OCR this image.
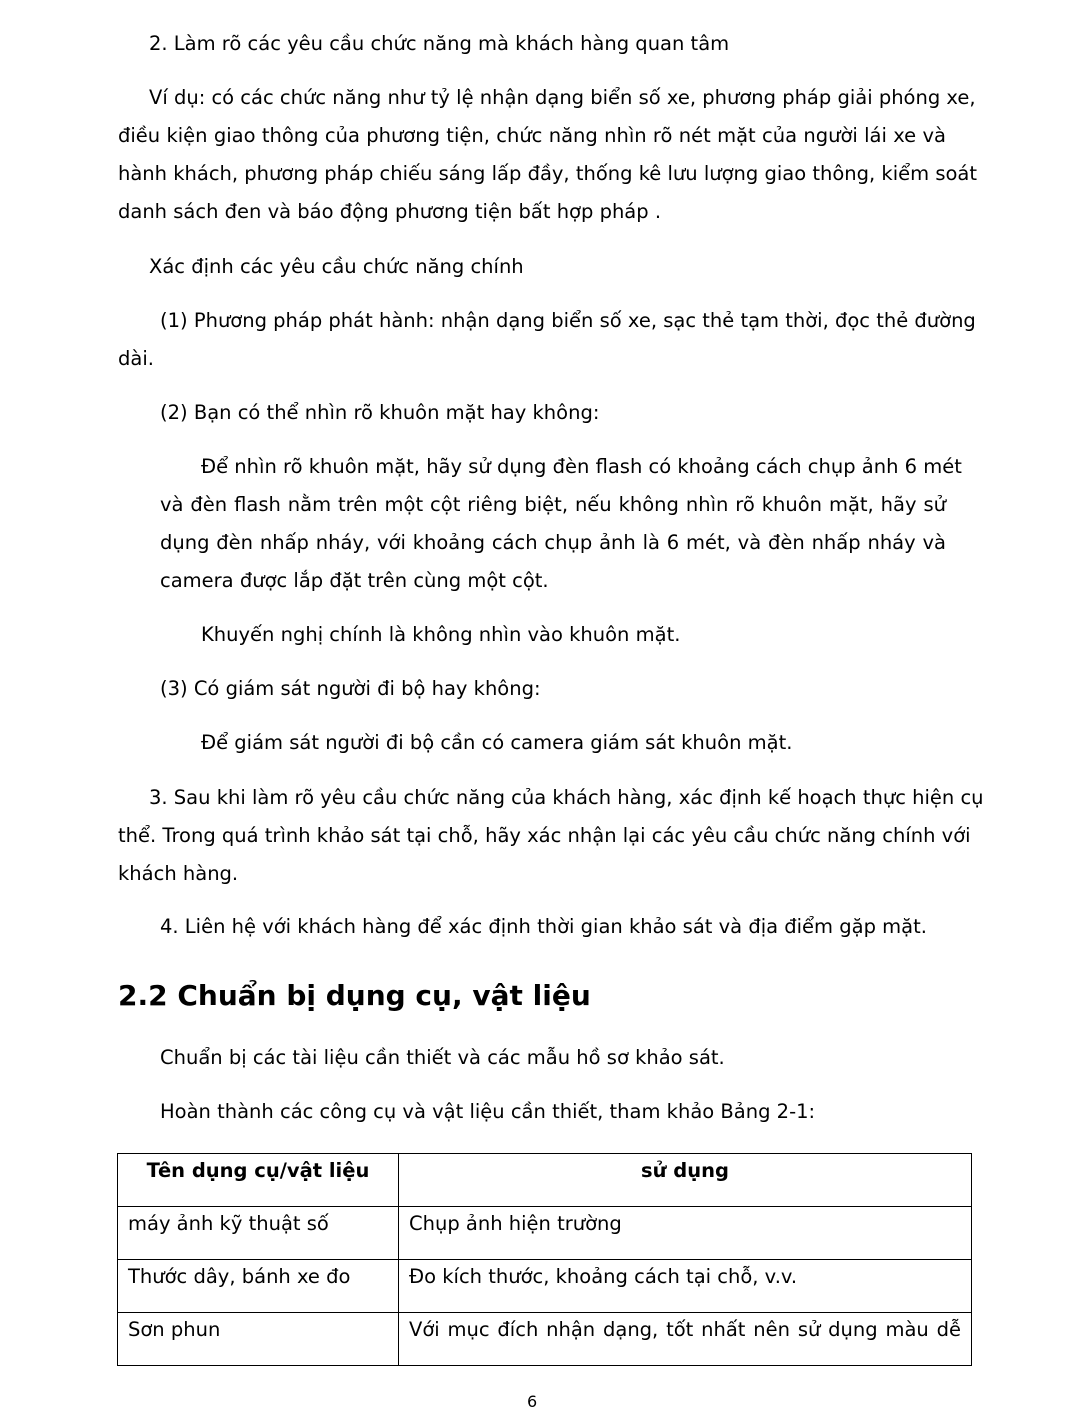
2. Làm rõ các yêu cầu chức năng mà khách hàng quan tâm
Ví dụ: có các chức năng như tỷ lệ nhận dạng biển số xe, phương pháp giải phóng xe,
điều kiện giao thông của phương tiện, chức năng nhìn rõ nét mặt của người lái xe và
hành khách, phương pháp chiếu sáng lấp đầy, thống kê lưu lượng giao thông, kiểm soát
danh sách đen và báo động phương tiện bất hợp pháp .
Xác định các yêu cầu chức năng chính
(1) Phương pháp phát hành: nhận dạng biển số xe, sạc thẻ tạm thời, đọc thẻ đường
dài.
(2) Bạn có thể nhìn rõ khuôn mặt hay không:
Để nhìn rõ khuôn mặt, hãy sử dụng đèn flash có khoảng cách chụp ảnh 6 mét
và đèn flash nằm trên một cột riêng biệt, nếu không nhìn rõ khuôn mặt, hãy sử
dụng đèn nhấp nháy, với khoảng cách chụp ảnh là 6 mét, và đèn nhấp nháy và
camera được lắp đặt trên cùng một cột.
Khuyến nghị chính là không nhìn vào khuôn mặt.
(3) Có giám sát người đi bộ hay không:
Để giám sát người đi bộ cần có camera giám sát khuôn mặt.
3. Sau khi làm rõ yêu cầu chức năng của khách hàng, xác định kế hoạch thực hiện cụ
thể. Trong quá trình khảo sát tại chỗ, hãy xác nhận lại các yêu cầu chức năng chính với
khách hàng.
4. Liên hệ với khách hàng để xác định thời gian khảo sát và địa điểm gặp mặt.
2.2 Chuẩn bị dụng cụ, vật liệu
Chuẩn bị các tài liệu cần thiết và các mẫu hồ sơ khảo sát.
Hoàn thành các công cụ và vật liệu cần thiết, tham khảo Bảng 2-1:
Tên dụng cụ/vật liệu	sử dụng
máy ảnh kỹ thuật số	Chụp ảnh hiện trường
Thước dây, bánh xe đo	Đo kích thước, khoảng cách tại chỗ, v.v.
Sơn phun	Với mục đích nhận dạng, tốt nhất nên sử dụng màu dễ
6
